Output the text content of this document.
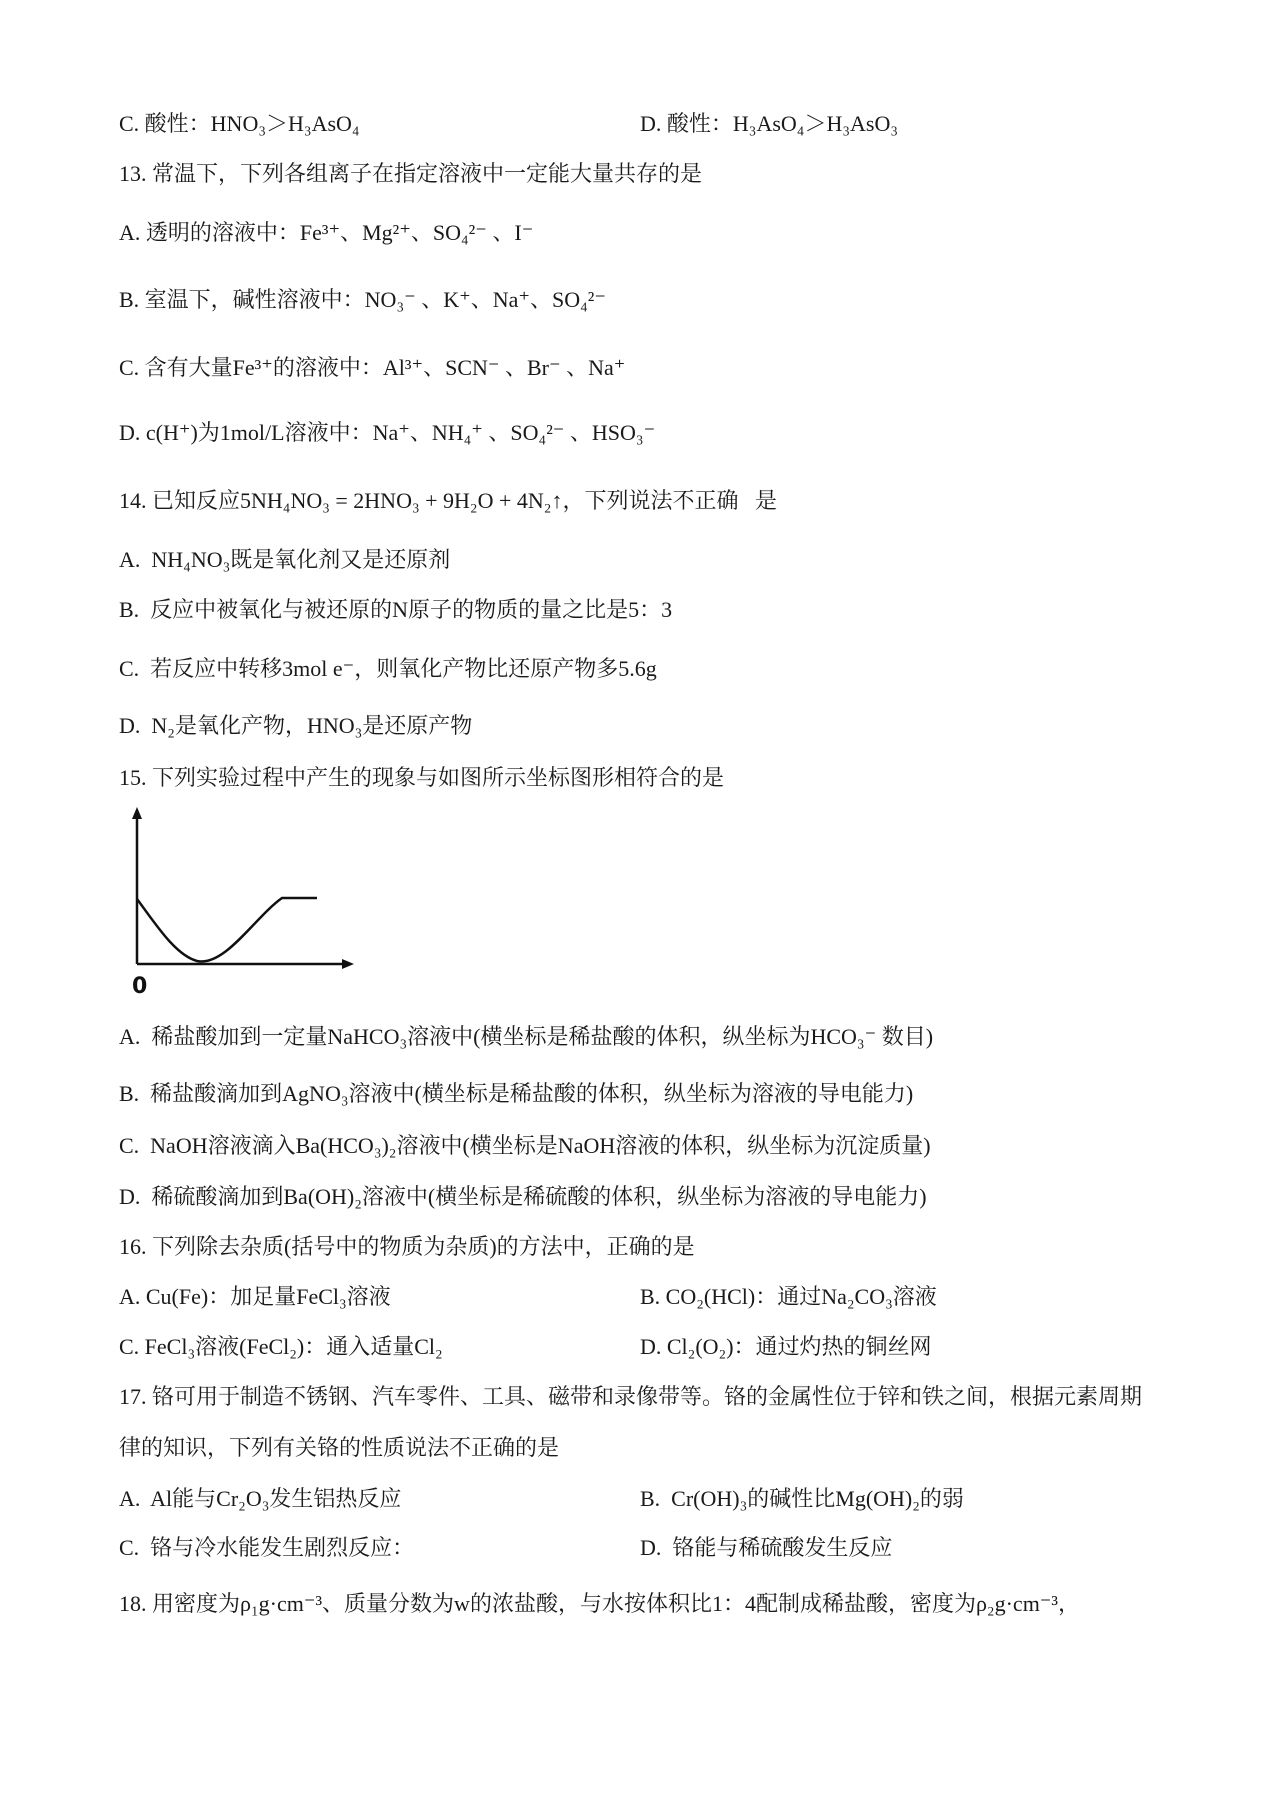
C. 酸性：HNO₃＞H₃AsO₄	D. 酸性：H₃AsO₄＞H₃AsO₃
13. 常温下，下列各组离子在指定溶液中一定能大量共存的是
A. 透明的溶液中：Fe³⁺、Mg²⁺、SO₄²⁻ 、I⁻
B. 室温下，碱性溶液中：NO₃⁻ 、K⁺、Na⁺、SO₄²⁻
C. 含有大量Fe³⁺的溶液中：Al³⁺、SCN⁻ 、Br⁻ 、Na⁺
D. c(H⁺)为1mol/L溶液中：Na⁺、NH₄⁺ 、SO₄²⁻ 、HSO₃⁻
14. 已知反应5NH₄NO₃ = 2HNO₃ + 9H₂O + 4N₂↑，下列说法不正确   是
A.  NH₄NO₃既是氧化剂又是还原剂
B.  反应中被氧化与被还原的N原子的物质的量之比是5：3
C.  若反应中转移3mol e⁻，则氧化产物比还原产物多5.6g
D.  N₂是氧化产物，HNO₃是还原产物
15. 下列实验过程中产生的现象与如图所示坐标图形相符合的是
0
A.  稀盐酸加到一定量NaHCO₃溶液中(横坐标是稀盐酸的体积，纵坐标为HCO₃⁻ 数目)
B.  稀盐酸滴加到AgNO₃溶液中(横坐标是稀盐酸的体积，纵坐标为溶液的导电能力)
C.  NaOH溶液滴入Ba(HCO₃)₂溶液中(横坐标是NaOH溶液的体积，纵坐标为沉淀质量)
D.  稀硫酸滴加到Ba(OH)₂溶液中(横坐标是稀硫酸的体积，纵坐标为溶液的导电能力)
16. 下列除去杂质(括号中的物质为杂质)的方法中，正确的是
A. Cu(Fe)：加足量FeCl₃溶液	B. CO₂(HCl)：通过Na₂CO₃溶液
C. FeCl₃溶液(FeCl₂)：通入适量Cl₂	D. Cl₂(O₂)：通过灼热的铜丝网
17. 铬可用于制造不锈钢、汽车零件、工具、磁带和录像带等。铬的金属性位于锌和铁之间，根据元素周期
律的知识，下列有关铬的性质说法不正确的是
A.  Al能与Cr₂O₃发生铝热反应	B.  Cr(OH)₃的碱性比Mg(OH)₂的弱
C.  铬与冷水能发生剧烈反应：	D.  铬能与稀硫酸发生反应
18. 用密度为ρ₁g·cm⁻³、质量分数为w的浓盐酸，与水按体积比1：4配制成稀盐酸，密度为ρ₂g·cm⁻³，
